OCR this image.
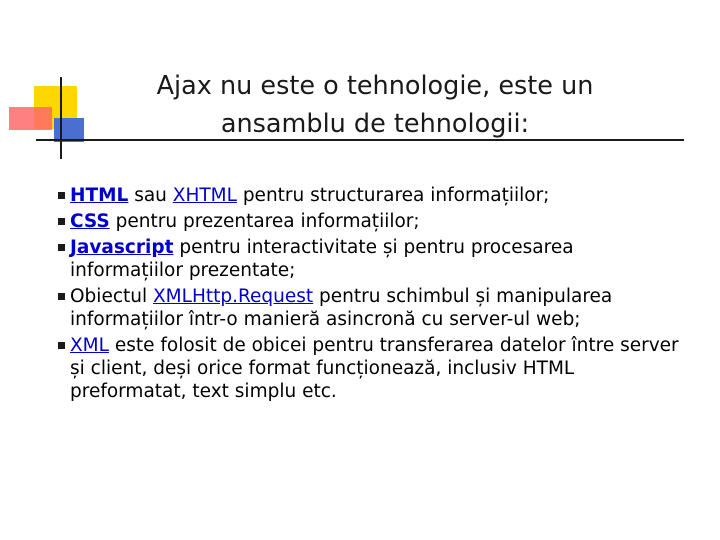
Ajax nu este o tehnologie, este un
ansamblu de tehnologii:
HTML sau XHTML pentru structurarea informațiilor;
CSS pentru prezentarea informațiilor;
Javascript pentru interactivitate și pentru procesarea informațiilor prezentate;
Obiectul XMLHttp.Request pentru schimbul și manipularea informațiilor într-o manieră asincronă cu server-ul web;
XML este folosit de obicei pentru transferarea datelor între server și client, deși orice format funcționează, inclusiv HTML preformatat, text simplu etc.
